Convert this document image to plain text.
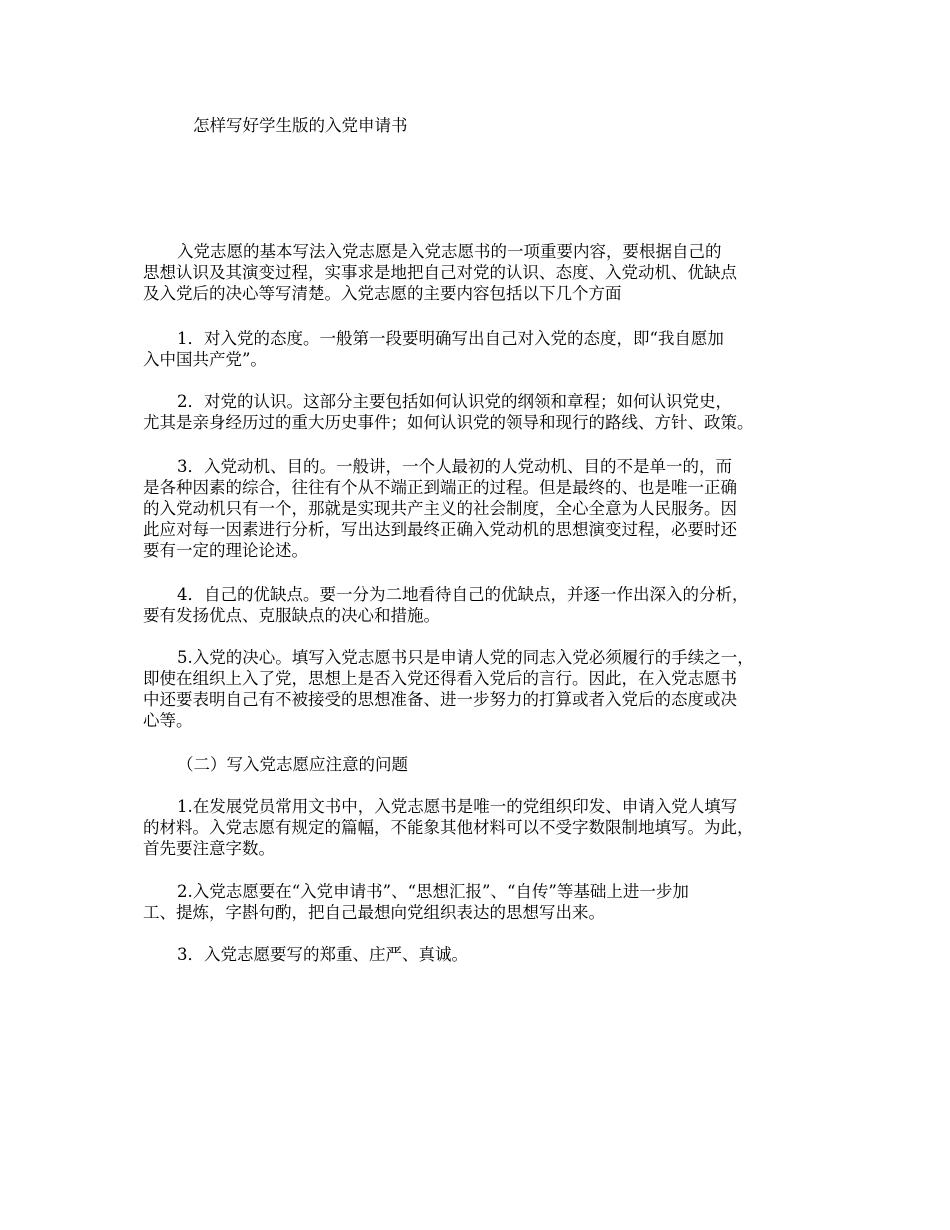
怎样写好学生版的入党申请书
入党志愿的基本写法入党志愿是入党志愿书的一项重要内容，要根据自己的
思想认识及其演变过程，实事求是地把自己对党的认识、态度、入党动机、优缺点
及入党后的决心等写清楚。入党志愿的主要内容包括以下几个方面
1．对入党的态度。一般第一段要明确写出自己对入党的态度，即“我自愿加
入中国共产党”。
2．对党的认识。这部分主要包括如何认识党的纲领和章程；如何认识党史，
尤其是亲身经历过的重大历史事件；如何认识党的领导和现行的路线、方针、政策。
3．入党动机、目的。一般讲，一个人最初的人党动机、目的不是单一的，而
是各种因素的综合，往往有个从不端正到端正的过程。但是最终的、也是唯一正确
的入党动机只有一个，那就是实现共产主义的社会制度，全心全意为人民服务。因
此应对每一因素进行分析，写出达到最终正确入党动机的思想演变过程，必要时还
要有一定的理论论述。
4．自己的优缺点。要一分为二地看待自己的优缺点，并逐一作出深入的分析，
要有发扬优点、克服缺点的决心和措施。
5.入党的决心。填写入党志愿书只是申请人党的同志入党必须履行的手续之一，
即使在组织上入了党，思想上是否入党还得看入党后的言行。因此，在入党志愿书
中还要表明自己有不被接受的思想准备、进一步努力的打算或者入党后的态度或决
心等。
（二）写入党志愿应注意的问题
1.在发展党员常用文书中，入党志愿书是唯一的党组织印发、申请入党人填写
的材料。入党志愿有规定的篇幅，不能象其他材料可以不受字数限制地填写。为此，
首先要注意字数。
2.入党志愿要在“入党申请书”、“思想汇报”、“自传”等基础上进一步加
工、提炼，字斟句酌，把自己最想向党组织表达的思想写出来。
3．入党志愿要写的郑重、庄严、真诚。
